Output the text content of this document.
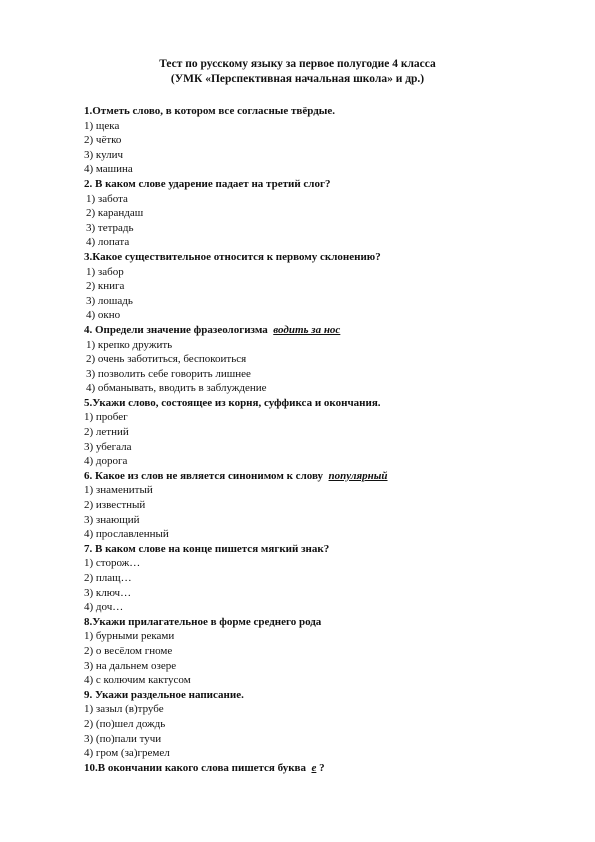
Тест по русскому языку за первое полугодие 4 класса
(УМК «Перспективная начальная школа» и др.)
1.Отметь слово, в котором все согласные твёрдые.
1) щека
2) чётко
3) кулич
4) машина
2. В каком слове ударение падает на третий слог?
1) забота
2) карандаш
3) тетрадь
4) лопата
3.Какое существительное относится к первому склонению?
1) забор
2) книга
3) лошадь
4) окно
4. Определи значение фразеологизма водить за нос
1) крепко дружить
2) очень заботиться, беспокоиться
3) позволить себе говорить лишнее
4) обманывать, вводить в заблуждение
5.Укажи слово, состоящее из корня, суффикса и окончания.
1) пробег
2) летний
3) убегала
4) дорога
6. Какое из слов не является синонимом к слову популярный
1) знаменитый
2) известный
3) знающий
4) прославленный
7. В каком слове на конце пишется мягкий знак?
1) сторож…
2) плащ…
3) ключ…
4) доч…
8.Укажи прилагательное в форме среднего рода
1) бурными реками
2) о весёлом гноме
3) на дальнем озере
4) с колючим кактусом
9. Укажи раздельное написание.
1) зазыл (в)трубе
2) (по)шел дождь
3) (по)пали тучи
4) гром (за)гремел
10.В окончании какого слова пишется буква е ?
